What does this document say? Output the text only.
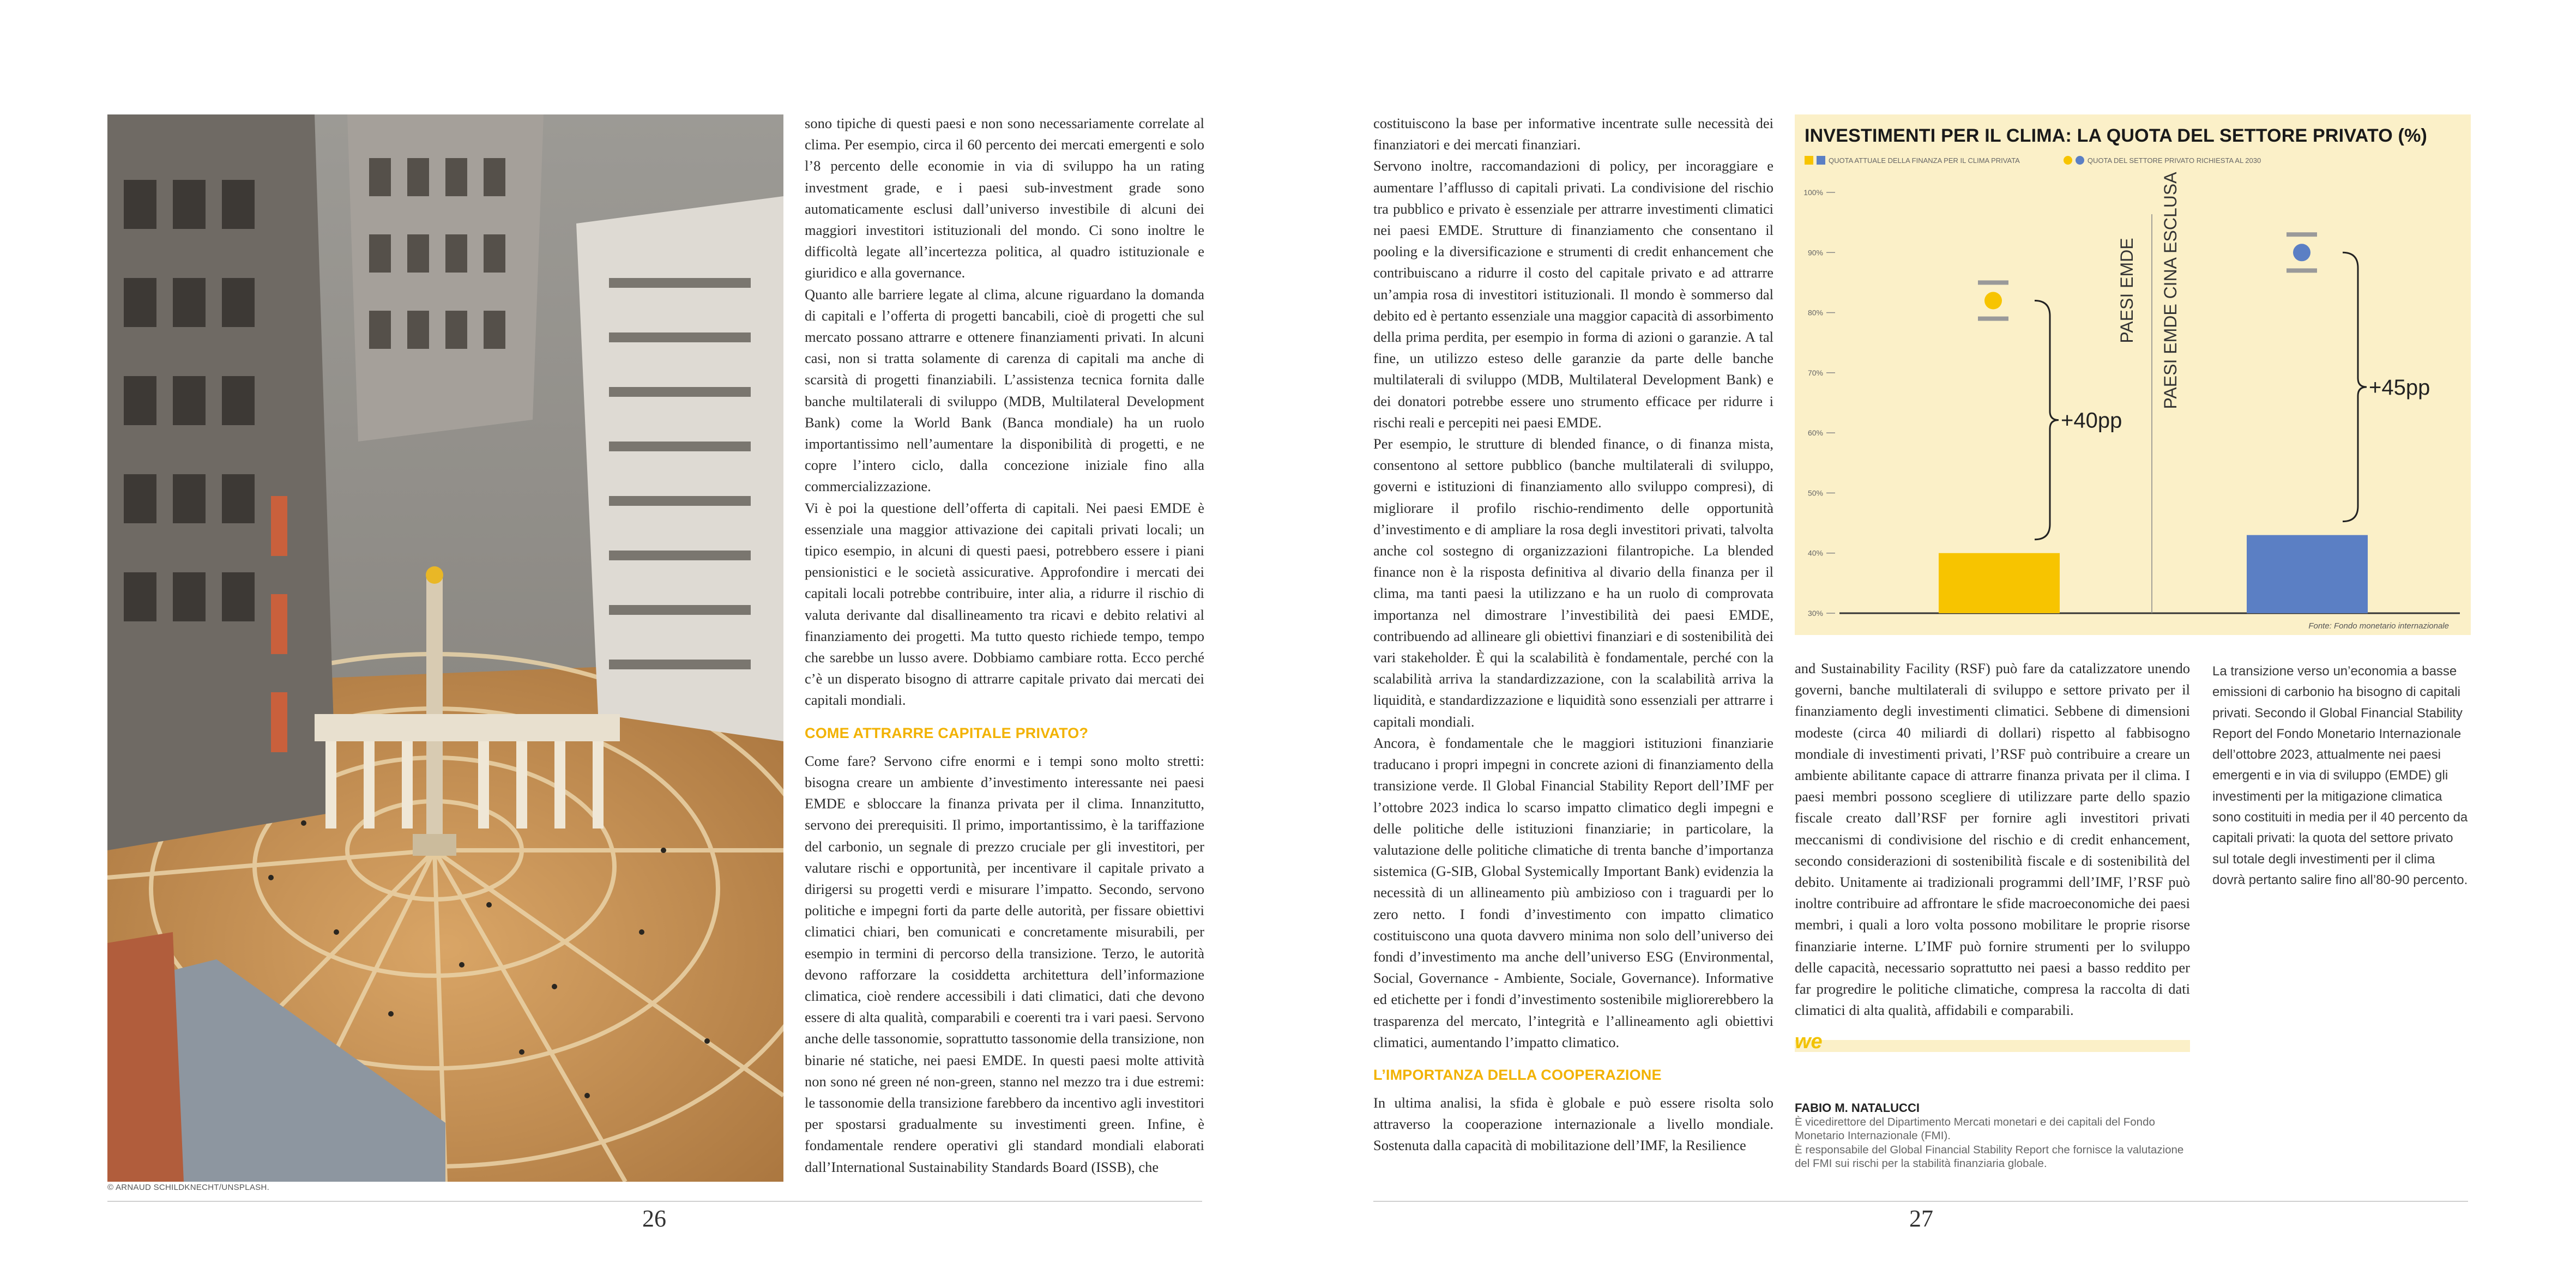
© ARNAUD SCHILDKNECHT/UNSPLASH.

sono tipiche di questi paesi e non sono necessariamente correlate al clima. Per esempio, circa il 60 percento dei mercati emergenti e solo l’8 percento delle economie in via di sviluppo ha un rating investment grade, e i paesi sub-investment grade sono automaticamente esclusi dall’universo investibile di alcuni dei maggiori investitori istituzionali del mondo. Ci sono inoltre le difficoltà legate all’incertezza politica, al quadro istituzionale e giuridico e alla governance.

Quanto alle barriere legate al clima, alcune riguardano la domanda di capitali e l’offerta di progetti bancabili, cioè di progetti che sul mercato possano attrarre e ottenere finanziamenti privati. In alcuni casi, non si tratta solamente di carenza di capitali ma anche di scarsità di progetti finanziabili. L’assistenza tecnica fornita dalle banche multilaterali di sviluppo (MDB, Multilateral Development Bank) come la World Bank (Banca mondiale) ha un ruolo importantissimo nell’aumentare la disponibilità di progetti, e ne copre l’intero ciclo, dalla concezione iniziale fino alla commercializzazione.

Vi è poi la questione dell’offerta di capitali. Nei paesi EMDE è essenziale una maggior attivazione dei capitali privati locali; un tipico esempio, in alcuni di questi paesi, potrebbero essere i piani pensionistici e le società assicurative. Approfondire i mercati dei capitali locali potrebbe contribuire, inter alia, a ridurre il rischio di valuta derivante dal disallineamento tra ricavi e debito relativi al finanziamento dei progetti. Ma tutto questo richiede tempo, tempo che sarebbe un lusso avere. Dobbiamo cambiare rotta. Ecco perché c’è un disperato bisogno di attrarre capitale privato dai mercati dei capitali mondiali.

COME ATTRARRE CAPITALE PRIVATO?

Come fare? Servono cifre enormi e i tempi sono molto stretti: bisogna creare un ambiente d’investimento interessante nei paesi EMDE e sbloccare la finanza privata per il clima. Innanzitutto, servono dei prerequisiti. Il primo, importantissimo, è la tariffazione del carbonio, un segnale di prezzo cruciale per gli investitori, per valutare rischi e opportunità, per incentivare il capitale privato a dirigersi su progetti verdi e misurare l’impatto. Secondo, servono politiche e impegni forti da parte delle autorità, per fissare obiettivi climatici chiari, ben comunicati e concretamente misurabili, per esempio in termini di percorso della transizione. Terzo, le autorità devono rafforzare la cosiddetta architettura dell’informazione climatica, cioè rendere accessibili i dati climatici, dati che devono essere di alta qualità, comparabili e coerenti tra i vari paesi. Servono anche delle tassonomie, soprattutto tassonomie della transizione, non binarie né statiche, nei paesi EMDE. In questi paesi molte attività non sono né green né non-green, stanno nel mezzo tra i due estremi: le tassonomie della transizione farebbero da incentivo agli investitori per spostarsi gradualmente su investimenti green. Infine, è fondamentale rendere operativi gli standard mondiali elaborati dall’International Sustainability Standards Board (ISSB), che

costituiscono la base per informative incentrate sulle necessità dei finanziatori e dei mercati finanziari.

Servono inoltre, raccomandazioni di policy, per incoraggiare e aumentare l’afflusso di capitali privati. La condivisione del rischio tra pubblico e privato è essenziale per attrarre investimenti climatici nei paesi EMDE. Strutture di finanziamento che consentano il pooling e la diversificazione e strumenti di credit enhancement che contribuiscano a ridurre il costo del capitale privato e ad attrarre un’ampia rosa di investitori istituzionali. Il mondo è sommerso dal debito ed è pertanto essenziale una maggior capacità di assorbimento della prima perdita, per esempio in forma di azioni o garanzie. A tal fine, un utilizzo esteso delle garanzie da parte delle banche multilaterali di sviluppo (MDB, Multilateral Development Bank) e dei donatori potrebbe essere uno strumento efficace per ridurre i rischi reali e percepiti nei paesi EMDE.

Per esempio, le strutture di blended finance, o di finanza mista, consentono al settore pubblico (banche multilaterali di sviluppo, governi e istituzioni di finanziamento allo sviluppo compresi), di migliorare il profilo rischio-rendimento delle opportunità d’investimento e di ampliare la rosa degli investitori privati, talvolta anche col sostegno di organizzazioni filantropiche. La blended finance non è la risposta definitiva al divario della finanza per il clima, ma tanti paesi la utilizzano e ha un ruolo di comprovata importanza nel dimostrare l’investibilità dei paesi EMDE, contribuendo ad allineare gli obiettivi finanziari e di sostenibilità dei vari stakeholder. È qui la scalabilità è fondamentale, perché con la scalabilità arriva la standardizzazione, con la scalabilità arriva la liquidità, e standardizzazione e liquidità sono essenziali per attrarre i capitali mondiali.

Ancora, è fondamentale che le maggiori istituzioni finanziarie traducano i propri impegni in concrete azioni di finanziamento della transizione verde. Il Global Financial Stability Report dell’IMF per l’ottobre 2023 indica lo scarso impatto climatico degli impegni e delle politiche delle istituzioni finanziarie; in particolare, la valutazione delle politiche climatiche di trenta banche d’importanza sistemica (G-SIB, Global Systemically Important Bank) evidenzia la necessità di un allineamento più ambizioso con i traguardi per lo zero netto. I fondi d’investimento con impatto climatico costituiscono una quota davvero minima non solo dell’universo dei fondi d’investimento ma anche dell’universo ESG (Environmental, Social, Governance - Ambiente, Sociale, Governance). Informative ed etichette per i fondi d’investimento sostenibile migliorerebbero la trasparenza del mercato, l’integrità e l’allineamento agli obiettivi climatici, aumentando l’impatto climatico.

L’IMPORTANZA DELLA COOPERAZIONE

In ultima analisi, la sfida è globale e può essere risolta solo attraverso la cooperazione internazionale a livello mondiale. Sostenuta dalla capacità di mobilitazione dell’IMF, la Resilience

INVESTIMENTI PER IL CLIMA: LA QUOTA DEL SETTORE PRIVATO (%)
QUOTA ATTUALE DELLA FINANZA PER IL CLIMA PRIVATA	QUOTA DEL SETTORE PRIVATO RICHIESTA AL 2030
30%
40%
50%
60%
70%
80%
90%
100%
PAESI EMDE
+40pp
PAESI EMDE CINA ESCLUSA	+45pp
Fonte: Fondo monetario internazionale

and Sustainability Facility (RSF) può fare da catalizzatore unendo governi, banche multilaterali di sviluppo e settore privato per il finanziamento degli investimenti climatici. Sebbene di dimensioni modeste (circa 40 miliardi di dollari) rispetto al fabbisogno mondiale di investimenti privati, l’RSF può contribuire a creare un ambiente abilitante capace di attrarre finanza privata per il clima. I paesi membri possono scegliere di utilizzare parte dello spazio fiscale creato dall’RSF per fornire agli investitori privati meccanismi di condivisione del rischio e di credit enhancement, secondo considerazioni di sostenibilità fiscale e di sostenibilità del debito. Unitamente ai tradizionali programmi dell’IMF, l’RSF può inoltre contribuire ad affrontare le sfide macroeconomiche dei paesi membri, i quali a loro volta possono mobilitare le proprie risorse finanziarie interne. L’IMF può fornire strumenti per lo sviluppo delle capacità, necessario soprattutto nei paesi a basso reddito per far progredire le politiche climatiche, compresa la raccolta di dati climatici di alta qualità, affidabili e comparabili.

we
FABIO M. NATALUCCI
È vicedirettore del Dipartimento Mercati monetari e dei capitali del Fondo Monetario Internazionale (FMI).
È responsabile del Global Financial Stability Report che fornisce la valutazione del FMI sui rischi per la stabilità finanziaria globale.
La transizione verso un’economia a basse emissioni di carbonio ha bisogno di capitali privati. Secondo il Global Financial Stability Report del Fondo Monetario Internazionale dell’ottobre 2023, attualmente nei paesi emergenti e in via di sviluppo (EMDE) gli investimenti per la mitigazione climatica sono costituiti in media per il 40 percento da capitali privati: la quota del settore privato sul totale degli investimenti per il clima dovrà pertanto salire fino all’80-90 percento.
26	27
